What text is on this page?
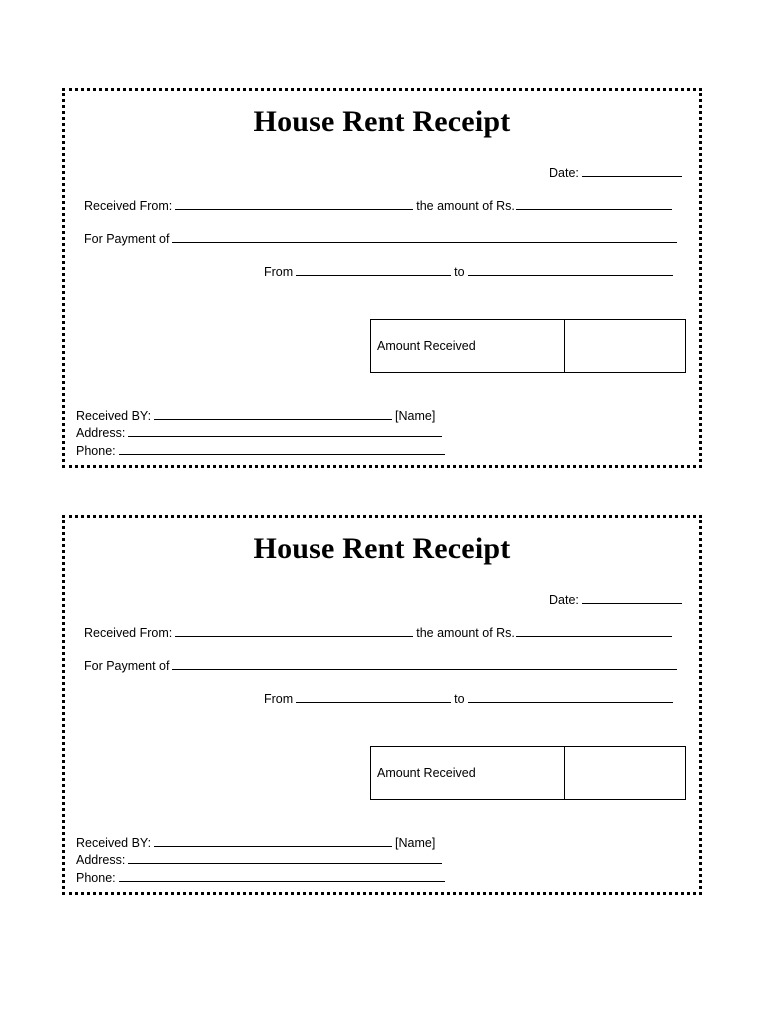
House Rent Receipt
Date:
Received From:	the amount of Rs.
For Payment of
From	to
Amount Received
Received BY:	[Name]
Address:
Phone:
House Rent Receipt
Date:
Received From:	the amount of Rs.
For Payment of
From	to
Amount Received
Received BY:	[Name]
Address:
Phone:
